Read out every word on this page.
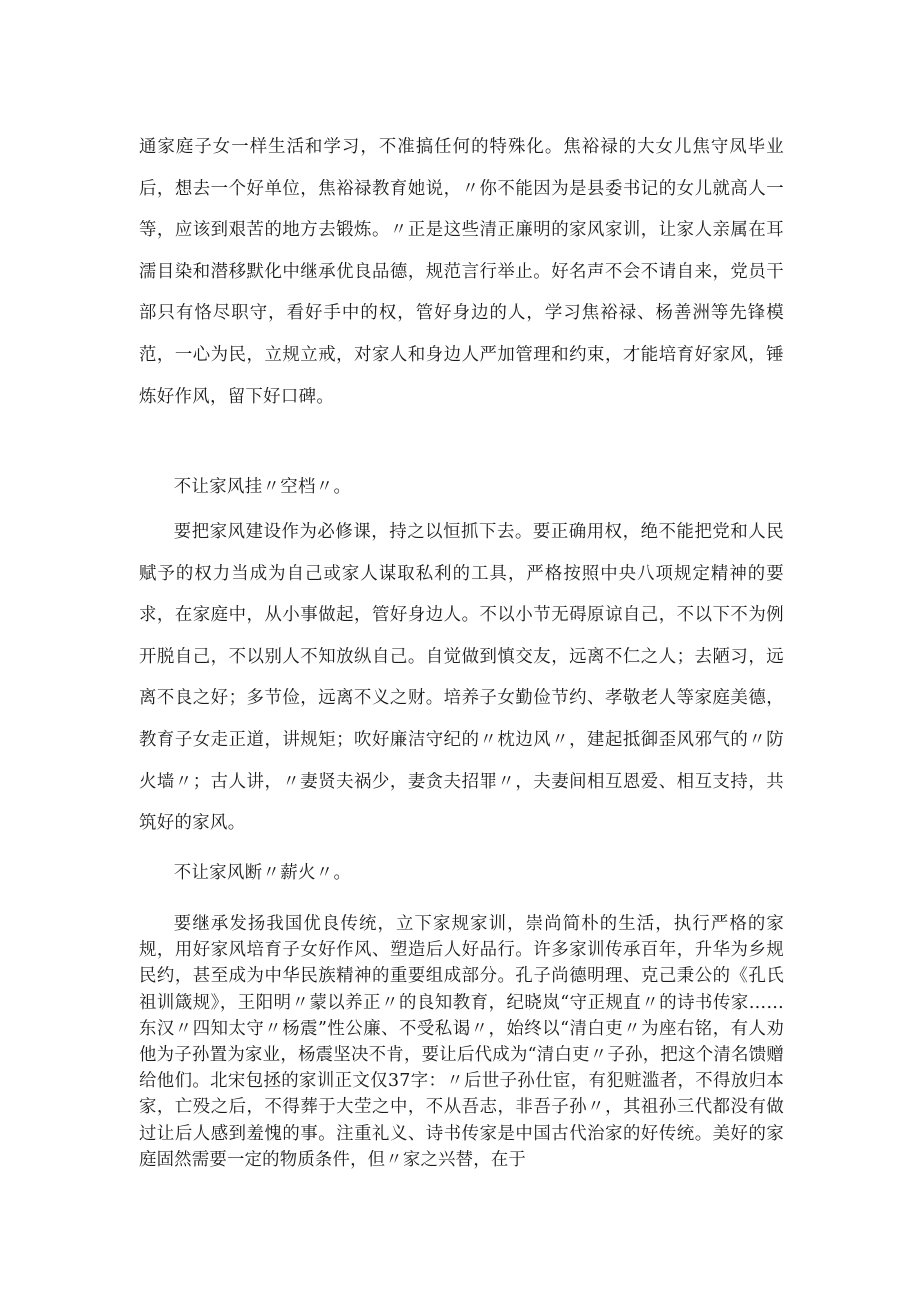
通家庭子女一样生活和学习，不准搞任何的特殊化。焦裕禄的大女儿焦守凤毕业后，想去一个好单位，焦裕禄教育她说，〃你不能因为是县委书记的女儿就高人一等，应该到艰苦的地方去锻炼。〃正是这些清正廉明的家风家训，让家人亲属在耳濡目染和潜移默化中继承优良品德，规范言行举止。好名声不会不请自来，党员干部只有恪尽职守，看好手中的权，管好身边的人，学习焦裕禄、杨善洲等先锋模范，一心为民，立规立戒，对家人和身边人严加管理和约束，才能培育好家风，锤炼好作风，留下好口碑。

不让家风挂〃空档〃。

要把家风建设作为必修课，持之以恒抓下去。要正确用权，绝不能把党和人民赋予的权力当成为自己或家人谋取私利的工具，严格按照中央八项规定精神的要求，在家庭中，从小事做起，管好身边人。不以小节无碍原谅自己，不以下不为例开脱自己，不以别人不知放纵自己。自觉做到慎交友，远离不仁之人；去陋习，远离不良之好；多节俭，远离不义之财。培养子女勤俭节约、孝敬老人等家庭美德，教育子女走正道，讲规矩；吹好廉洁守纪的〃枕边风〃，建起抵御歪风邪气的〃防火墙〃；古人讲，〃妻贤夫祸少，妻贪夫招罪〃，夫妻间相互恩爱、相互支持，共筑好的家风。

不让家风断〃薪火〃。

要继承发扬我国优良传统，立下家规家训，崇尚简朴的生活，执行严格的家规，用好家风培育子女好作风、塑造后人好品行。许多家训传承百年，升华为乡规民约，甚至成为中华民族精神的重要组成部分。孔子尚德明理、克己秉公的《孔氏祖训箴规》，王阳明〃蒙以养正〃的良知教育，纪晓岚“守正规直〃的诗书传家……东汉〃四知太守〃杨震”性公廉、不受私谒〃，始终以“清白吏〃为座右铭，有人劝他为子孙置为家业，杨震坚决不肯，要让后代成为“清白吏〃子孙，把这个清名馈赠给他们。北宋包拯的家训正文仅37字：〃后世子孙仕宦，有犯赃滥者，不得放归本家，亡殁之后，不得葬于大茔之中，不从吾志，非吾子孙〃，其祖孙三代都没有做过让后人感到羞愧的事。注重礼义、诗书传家是中国古代治家的好传统。美好的家庭固然需要一定的物质条件，但〃家之兴替，在于
